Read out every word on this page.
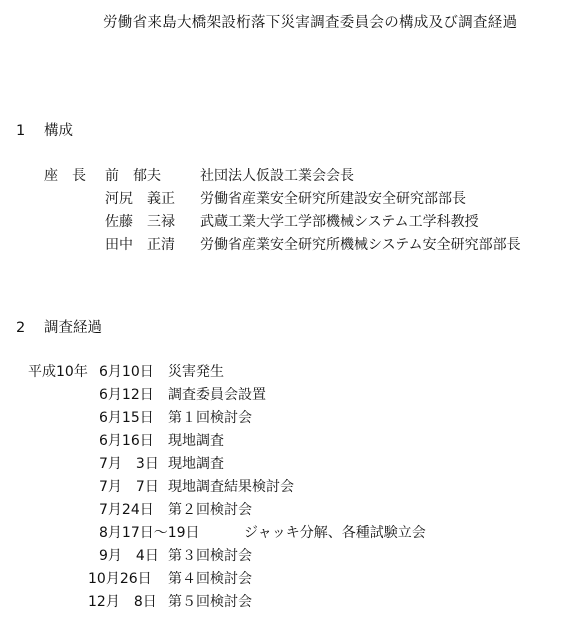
労働省来島大橋架設桁落下災害調査委員会の構成及び調査経過
1 構成
座　長 前　郁夫	社団法人仮設工業会会長
河尻　義正 労働省産業安全研究所建設安全研究部部長
佐藤　三禄 武蔵工業大学工学部機械システム工学科教授
田中　正清 労働省産業安全研究所機械システム安全研究部部長
2 調査経過
平成10年 6月10日 災害発生
6月12日 調査委員会設置
6月15日 第１回検討会
6月16日 現地調査
7月　3日 現地調査
7月　7日 現地調査結果検討会
7月24日 第２回検討会
8月17日～19日	ジャッキ分解、各種試験立会
9月　4日 第３回検討会
10月26日 第４回検討会
12月　8日 第５回検討会
